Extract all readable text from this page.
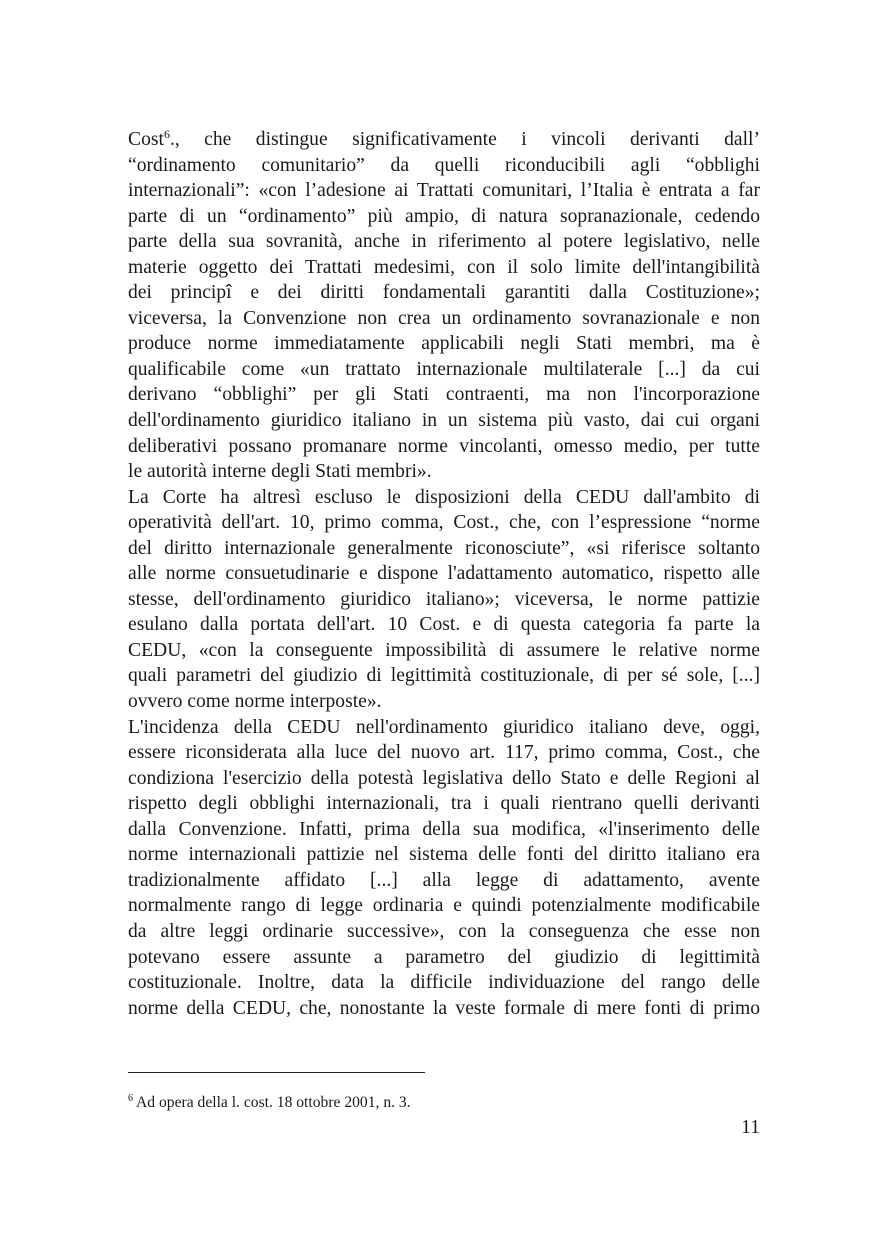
Cost$^6$., che distingue significativamente i vincoli derivanti dall’
“ordinamento comunitario” da quelli riconducibili agli “obblighi
internazionali”: «con l’adesione ai Trattati comunitari, l’Italia è entrata a far
parte di un “ordinamento” più ampio, di natura sopranazionale, cedendo
parte della sua sovranità, anche in riferimento al potere legislativo, nelle
materie oggetto dei Trattati medesimi, con il solo limite dell'intangibilità
dei principî e dei diritti fondamentali garantiti dalla Costituzione»;
viceversa, la Convenzione non crea un ordinamento sovranazionale e non
produce norme immediatamente applicabili negli Stati membri, ma è
qualificabile come «un trattato internazionale multilaterale [...] da cui
derivano “obblighi” per gli Stati contraenti, ma non l'incorporazione
dell'ordinamento giuridico italiano in un sistema più vasto, dai cui organi
deliberativi possano promanare norme vincolanti, omesso medio, per tutte
le autorità interne degli Stati membri».
La Corte ha altresì escluso le disposizioni della CEDU dall'ambito di
operatività dell'art. 10, primo comma, Cost., che, con l’espressione “norme
del diritto internazionale generalmente riconosciute”, «si riferisce soltanto
alle norme consuetudinarie e dispone l'adattamento automatico, rispetto alle
stesse, dell'ordinamento giuridico italiano»; viceversa, le norme pattizie
esulano dalla portata dell'art. 10 Cost. e di questa categoria fa parte la
CEDU, «con la conseguente impossibilità di assumere le relative norme
quali parametri del giudizio di legittimità costituzionale, di per sé sole, [...]
ovvero come norme interposte».
L'incidenza della CEDU nell'ordinamento giuridico italiano deve, oggi,
essere riconsiderata alla luce del nuovo art. 117, primo comma, Cost., che
condiziona l'esercizio della potestà legislativa dello Stato e delle Regioni al
rispetto degli obblighi internazionali, tra i quali rientrano quelli derivanti
dalla Convenzione. Infatti, prima della sua modifica, «l'inserimento delle
norme internazionali pattizie nel sistema delle fonti del diritto italiano era
tradizionalmente affidato [...] alla legge di adattamento, avente
normalmente rango di legge ordinaria e quindi potenzialmente modificabile
da altre leggi ordinarie successive», con la conseguenza che esse non
potevano essere assunte a parametro del giudizio di legittimità
costituzionale. Inoltre, data la difficile individuazione del rango delle
norme della CEDU, che, nonostante la veste formale di mere fonti di primo
$^6$ Ad opera della l. cost. 18 ottobre 2001, n. 3.
11
